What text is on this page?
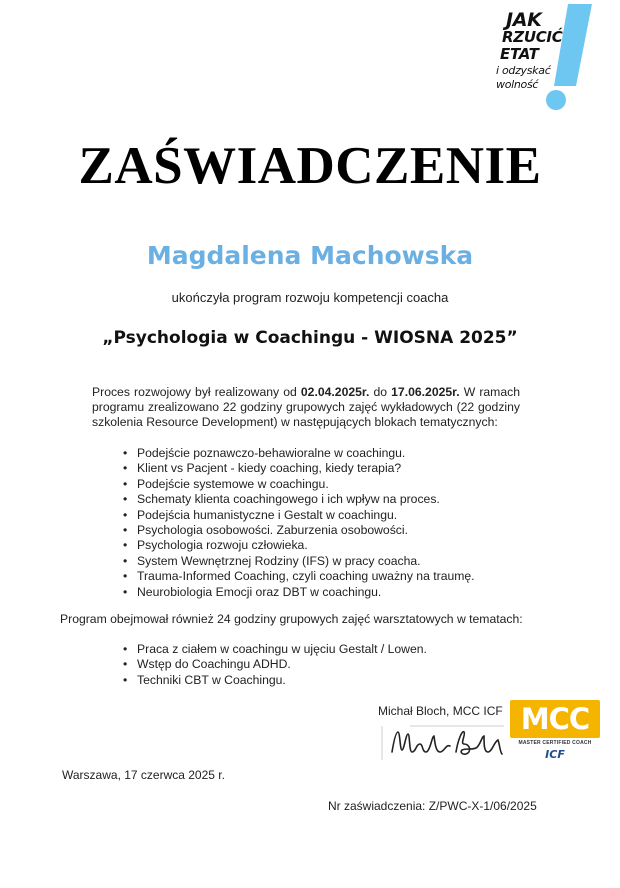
JAK
RZUCIĆ
ETAT
i odzyskać
wolność
ZAŚWIADCZENIE
Magdalena Machowska
ukończyła program rozwoju kompetencji coacha
„Psychologia w Coachingu - WIOSNA 2025”
Proces rozwojowy był realizowany od 02.04.2025r. do 17.06.2025r. W ramach programu zrealizowano 22 godziny grupowych zajęć wykładowych (22 godziny szkolenia Resource Development) w następujących blokach tematycznych:
• Podejście poznawczo-behawioralne w coachingu.
• Klient vs Pacjent - kiedy coaching, kiedy terapia?
• Podejście systemowe w coachingu.
• Schematy klienta coachingowego i ich wpływ na proces.
• Podejścia humanistyczne i Gestalt w coachingu.
• Psychologia osobowości. Zaburzenia osobowości.
• Psychologia rozwoju człowieka.
• System Wewnętrznej Rodziny (IFS) w pracy coacha.
• Trauma-Informed Coaching, czyli coaching uważny na traumę.
• Neurobiologia Emocji oraz DBT w coachingu.
Program obejmował również 24 godziny grupowych zajęć warsztatowych w tematach:
• Praca z ciałem w coachingu w ujęciu Gestalt / Lowen.
• Wstęp do Coachingu ADHD.
• Techniki CBT w Coachingu.
Michał Bloch, MCC ICF MCC
MASTER CERTIFIED COACH
ICF
Warszawa, 17 czerwca 2025 r.
Nr zaświadczenia: Z/PWC-X-1/06/2025
